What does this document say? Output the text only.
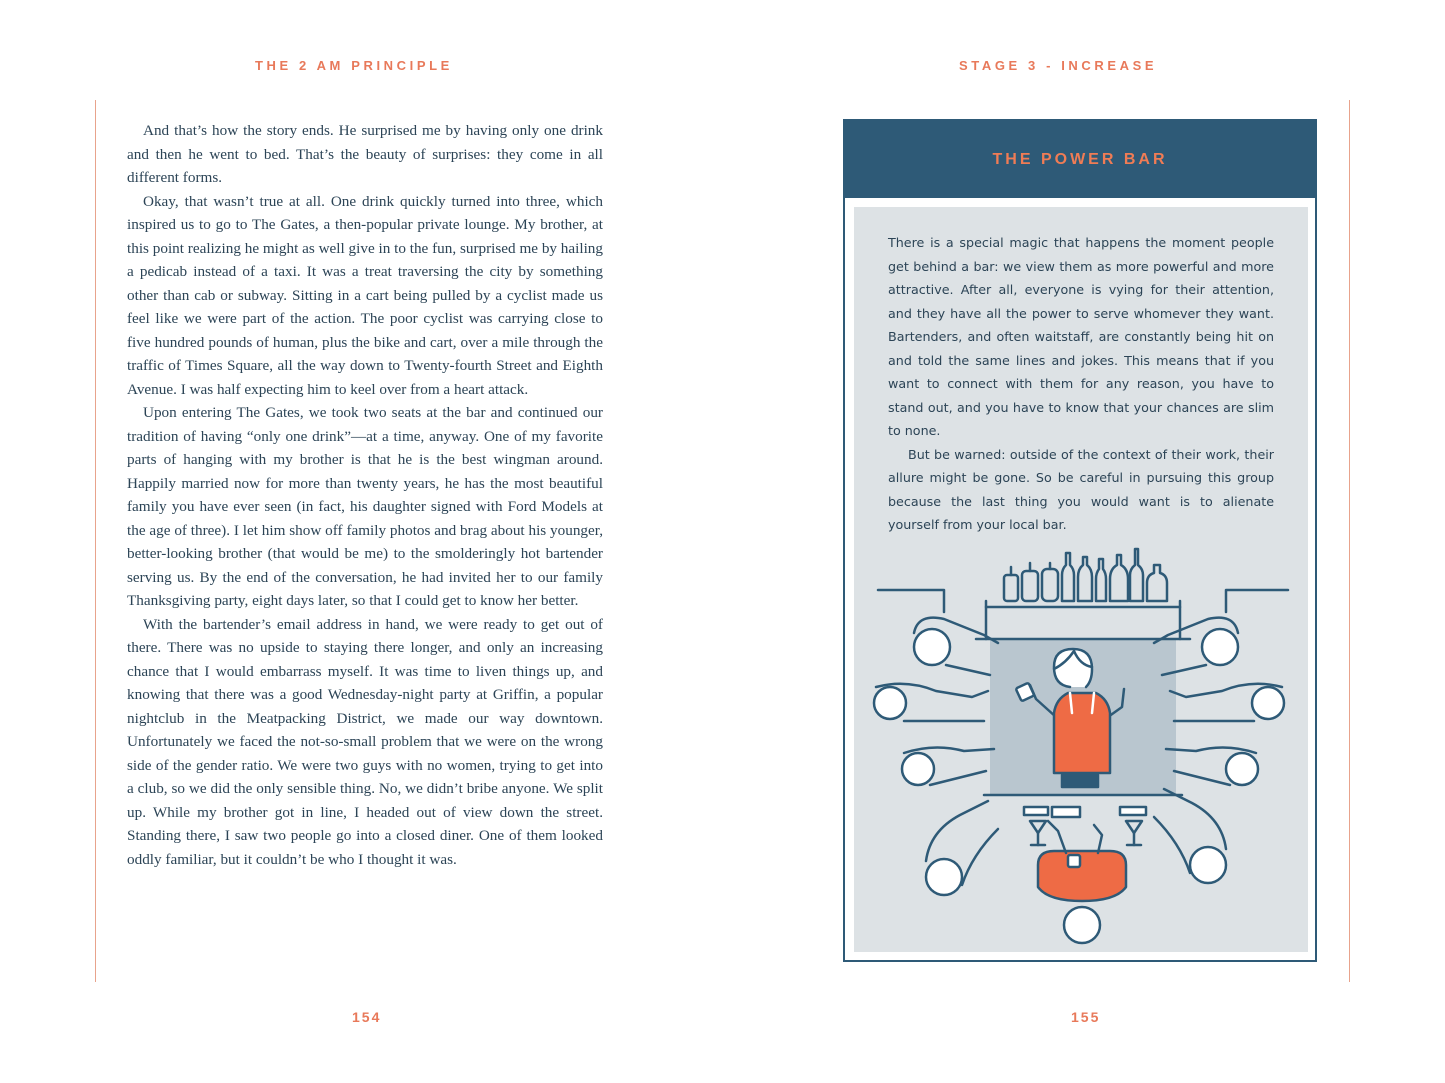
THE 2 AM PRINCIPLE

And that’s how the story ends. He surprised me by having only one drink and then he went to bed. That’s the beauty of surprises: they come in all different forms.

Okay, that wasn’t true at all. One drink quickly turned into three, which inspired us to go to The Gates, a then-popular private lounge. My brother, at this point realizing he might as well give in to the fun, surprised me by hailing a pedicab instead of a taxi. It was a treat traversing the city by something other than cab or subway. Sitting in a cart being pulled by a cyclist made us feel like we were part of the action. The poor cyclist was carrying close to five hundred pounds of human, plus the bike and cart, over a mile through the traffic of Times Square, all the way down to Twenty-fourth Street and Eighth Avenue. I was half expecting him to keel over from a heart attack.

Upon entering The Gates, we took two seats at the bar and continued our tradition of having “only one drink”—at a time, anyway. One of my favorite parts of hanging with my brother is that he is the best wingman around. Happily married now for more than twenty years, he has the most beautiful family you have ever seen (in fact, his daughter signed with Ford Models at the age of three). I let him show off family photos and brag about his younger, better-looking brother (that would be me) to the smolderingly hot bartender serving us. By the end of the conversation, he had invited her to our family Thanksgiving party, eight days later, so that I could get to know her better.

With the bartender’s email address in hand, we were ready to get out of there. There was no upside to staying there longer, and only an increasing chance that I would embarrass myself. It was time to liven things up, and knowing that there was a good Wednesday-night party at Griffin, a popular nightclub in the Meatpacking District, we made our way downtown. Unfortunately we faced the not-so-small problem that we were on the wrong side of the gender ratio. We were two guys with no women, trying to get into a club, so we did the only sensible thing. No, we didn’t bribe anyone. We split up. While my brother got in line, I headed out of view down the street. Standing there, I saw two people go into a closed diner. One of them looked oddly familiar, but it couldn’t be who I thought it was.

154
STAGE 3 - INCREASE
THE POWER BAR

There is a special magic that happens the moment people get behind a bar: we view them as more powerful and more attractive. After all, everyone is vying for their attention, and they have all the power to serve whomever they want. Bartenders, and often waitstaff, are constantly being hit on and told the same lines and jokes. This means that if you want to connect with them for any reason, you have to stand out, and you have to know that your chances are slim to none.

But be warned: outside of the context of their work, their allure might be gone. So be careful in pursuing this group because the last thing you would want is to alienate yourself from your local bar.

155
